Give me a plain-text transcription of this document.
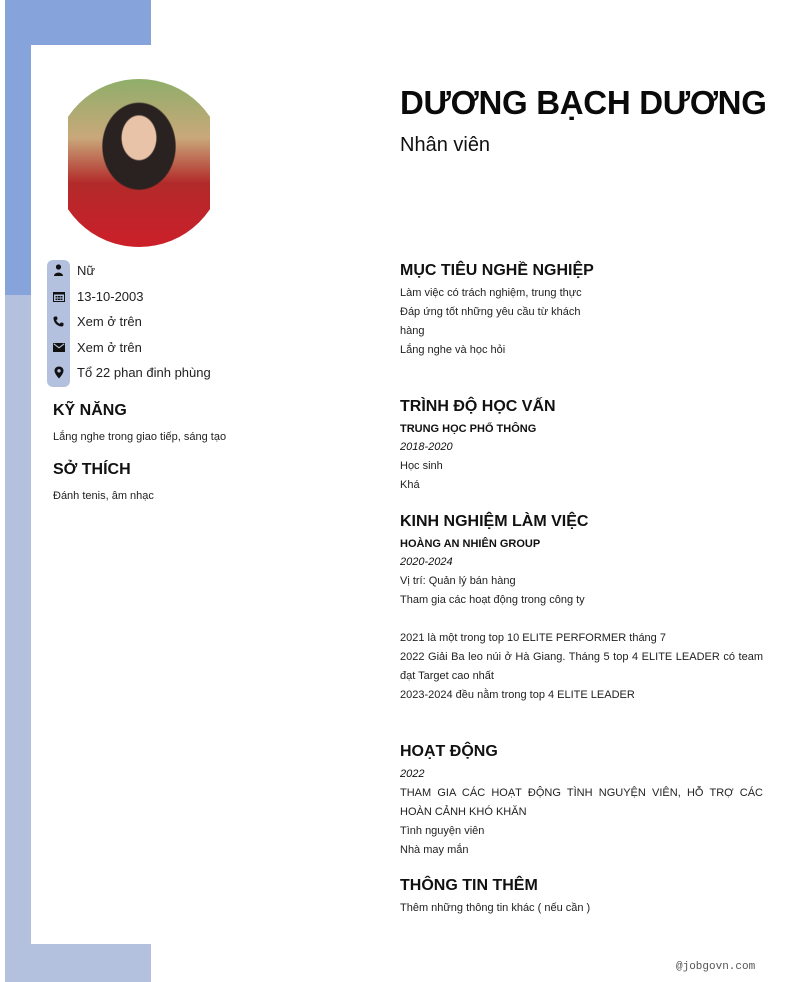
Nữ
13-10-2003
Xem ở trên
Xem ở trên
Tổ 22 phan đinh phùng
KỸ NĂNG
Lắng nghe trong giao tiếp, sáng tạo
SỞ THÍCH
Đánh tenis, âm nhạc
DƯƠNG BẠCH DƯƠNG
Nhân viên
MỤC TIÊU NGHỀ NGHIỆP
Làm việc có trách nghiệm, trung thực
Đáp ứng tốt những yêu cầu từ khách
hàng
Lắng nghe và học hỏi
TRÌNH ĐỘ HỌC VẤN
TRUNG HỌC PHỔ THÔNG
2018-2020
Học sinh
Khá
KINH NGHIỆM LÀM VIỆC
HOÀNG AN NHIÊN GROUP
2020-2024
Vị trí: Quản lý bán hàng
Tham gia các hoạt động trong công ty
2021 là một trong top 10 ELITE PERFORMER tháng 7
2022 Giải Ba leo núi ở Hà Giang. Tháng 5 top 4 ELITE LEADER có team đạt Target cao nhất
2023-2024 đều nằm trong top 4 ELITE LEADER
HOẠT ĐỘNG
2022
THAM GIA CÁC HOẠT ĐỘNG TÌNH NGUYỆN VIÊN, HỖ TRỢ CÁC HOÀN CẢNH KHÓ KHĂN
Tình nguyện viên
Nhà may mắn
THÔNG TIN THÊM
Thêm những thông tin khác ( nếu cần )
@jobgovn.com
